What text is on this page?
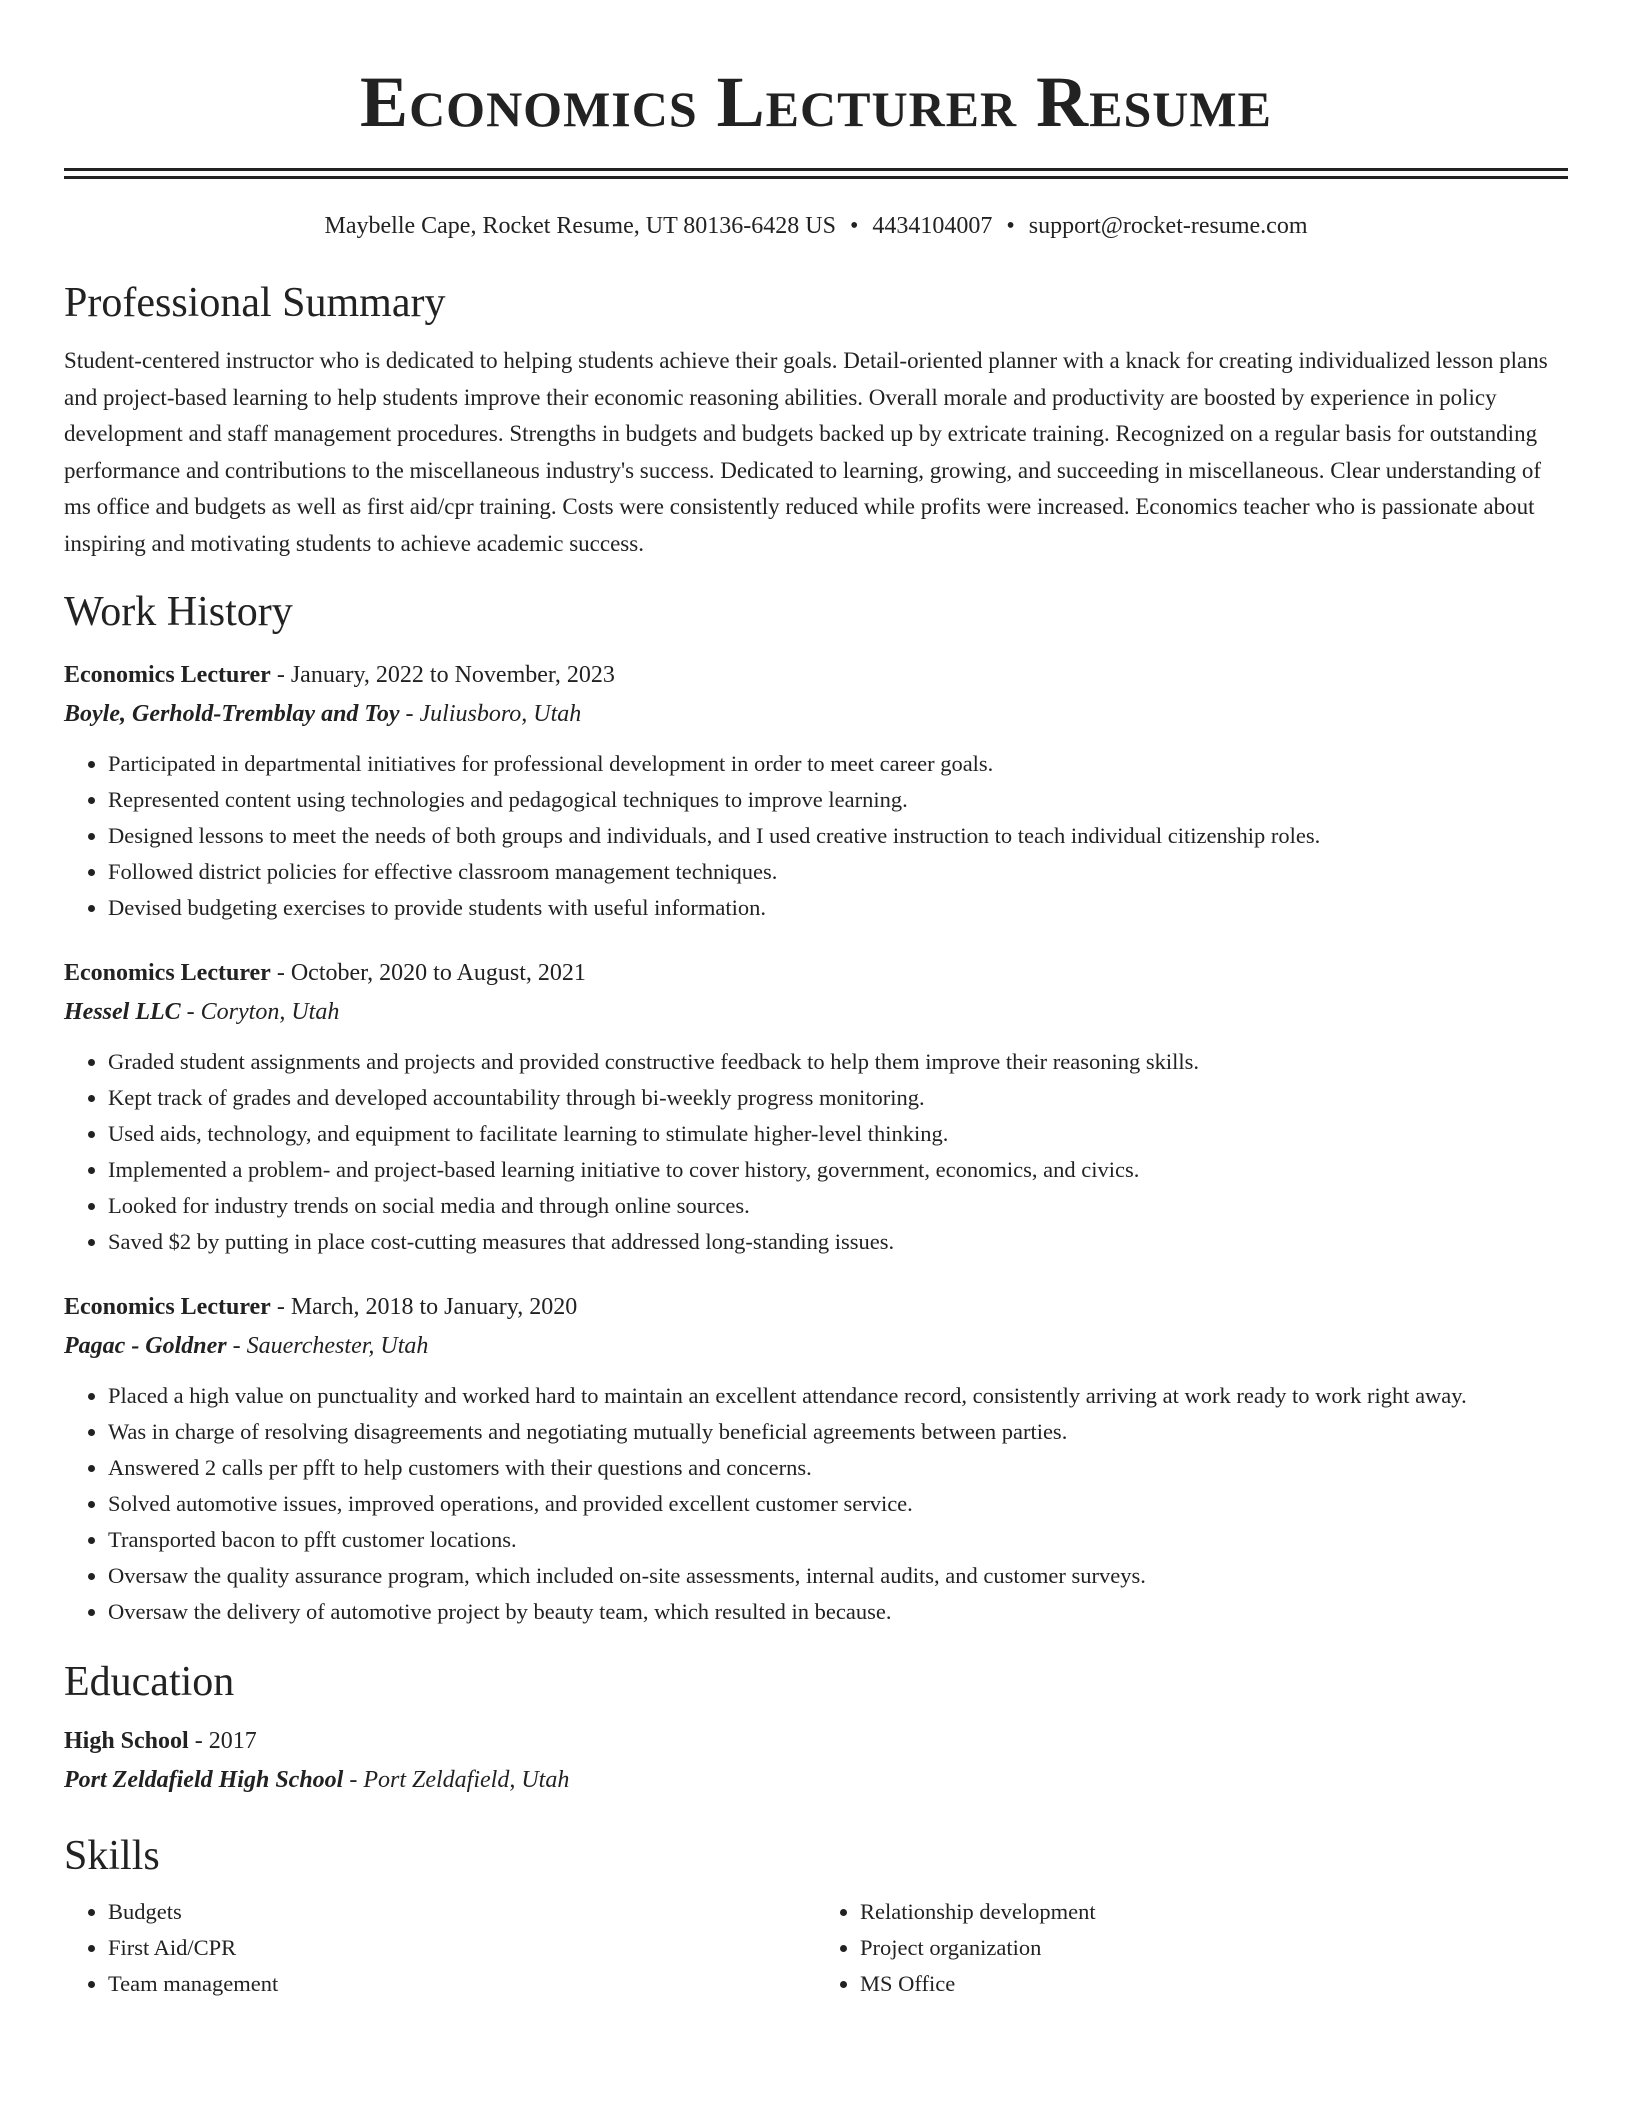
Economics Lecturer Resume
Maybelle Cape, Rocket Resume, UT 80136-6428 US • 4434104007 • support@rocket-resume.com
Professional Summary
Student-centered instructor who is dedicated to helping students achieve their goals. Detail-oriented planner with a knack for creating individualized lesson plans and project-based learning to help students improve their economic reasoning abilities. Overall morale and productivity are boosted by experience in policy development and staff management procedures. Strengths in budgets and budgets backed up by extricate training. Recognized on a regular basis for outstanding performance and contributions to the miscellaneous industry's success. Dedicated to learning, growing, and succeeding in miscellaneous. Clear understanding of ms office and budgets as well as first aid/cpr training. Costs were consistently reduced while profits were increased. Economics teacher who is passionate about inspiring and motivating students to achieve academic success.
Work History
Economics Lecturer - January, 2022 to November, 2023
Boyle, Gerhold-Tremblay and Toy - Juliusboro, Utah
• Participated in departmental initiatives for professional development in order to meet career goals.
• Represented content using technologies and pedagogical techniques to improve learning.
• Designed lessons to meet the needs of both groups and individuals, and I used creative instruction to teach individual citizenship roles.
• Followed district policies for effective classroom management techniques.
• Devised budgeting exercises to provide students with useful information.
Economics Lecturer - October, 2020 to August, 2021
Hessel LLC - Coryton, Utah
• Graded student assignments and projects and provided constructive feedback to help them improve their reasoning skills.
• Kept track of grades and developed accountability through bi-weekly progress monitoring.
• Used aids, technology, and equipment to facilitate learning to stimulate higher-level thinking.
• Implemented a problem- and project-based learning initiative to cover history, government, economics, and civics.
• Looked for industry trends on social media and through online sources.
• Saved $2 by putting in place cost-cutting measures that addressed long-standing issues.
Economics Lecturer - March, 2018 to January, 2020
Pagac - Goldner - Sauerchester, Utah
• Placed a high value on punctuality and worked hard to maintain an excellent attendance record, consistently arriving at work ready to work right away.
• Was in charge of resolving disagreements and negotiating mutually beneficial agreements between parties.
• Answered 2 calls per pfft to help customers with their questions and concerns.
• Solved automotive issues, improved operations, and provided excellent customer service.
• Transported bacon to pfft customer locations.
• Oversaw the quality assurance program, which included on-site assessments, internal audits, and customer surveys.
• Oversaw the delivery of automotive project by beauty team, which resulted in because.
Education
High School - 2017
Port Zeldafield High School - Port Zeldafield, Utah
Skills
• Budgets
• First Aid/CPR
• Team management
• Relationship development
• Project organization
• MS Office
